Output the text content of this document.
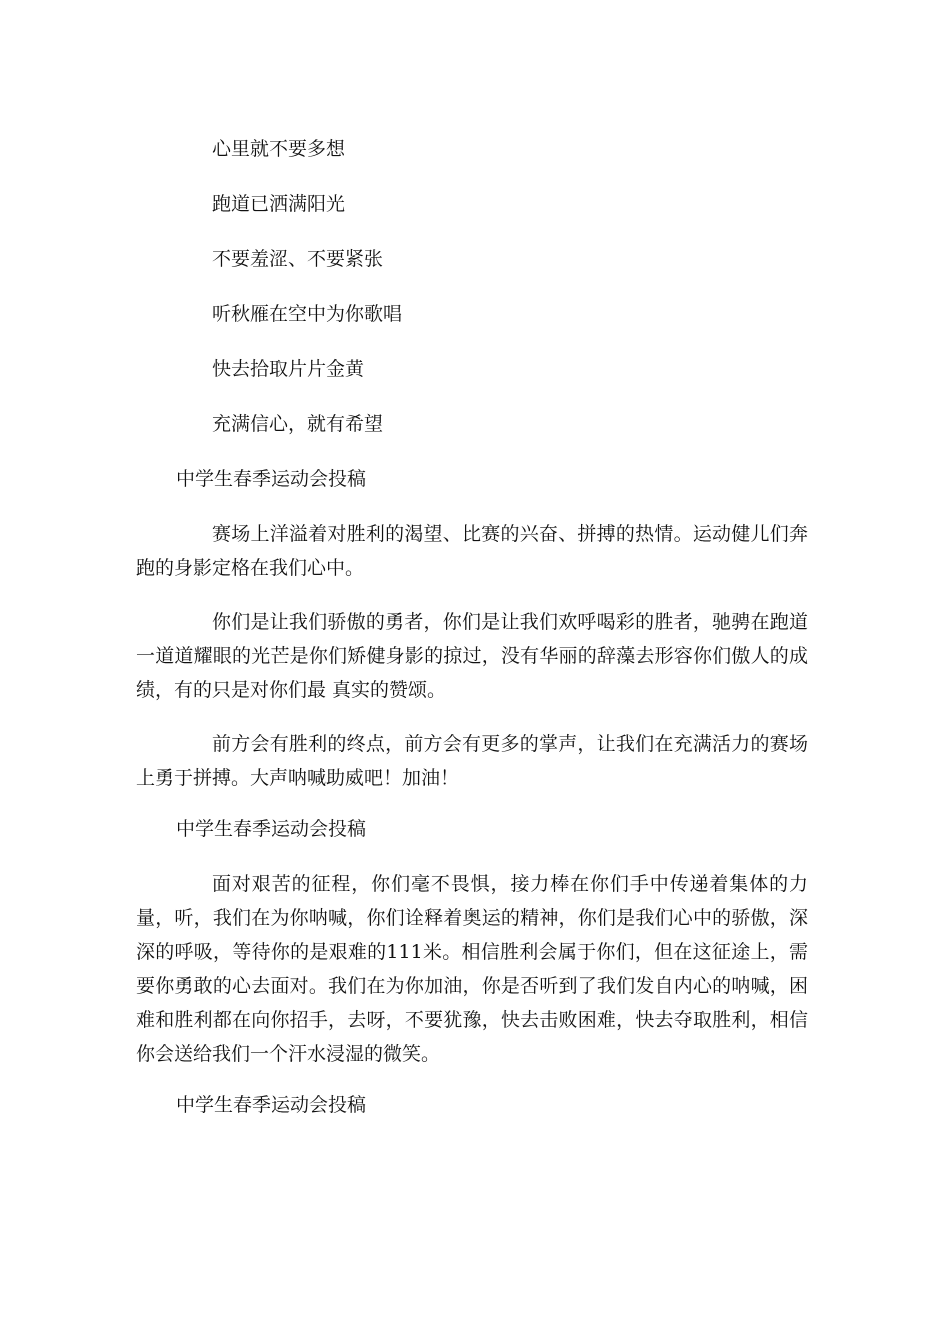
心里就不要多想

跑道已洒满阳光

不要羞涩、不要紧张

听秋雁在空中为你歌唱

快去拾取片片金黄

充满信心，就有希望

中学生春季运动会投稿

赛场上洋溢着对胜利的渴望、比赛的兴奋、拼搏的热情。运动健儿们奔跑的身影定格在我们心中。

你们是让我们骄傲的勇者，你们是让我们欢呼喝彩的胜者，驰骋在跑道一道道耀眼的光芒是你们矫健身影的掠过，没有华丽的辞藻去形容你们傲人的成绩，有的只是对你们最 真实的赞颂。

前方会有胜利的终点，前方会有更多的掌声，让我们在充满活力的赛场上勇于拼搏。大声呐喊助威吧！加油！

中学生春季运动会投稿

面对艰苦的征程，你们毫不畏惧，接力棒在你们手中传递着集体的力量，听，我们在为你呐喊，你们诠释着奥运的精神，你们是我们心中的骄傲，深深的呼吸，等待你的是艰难的111米。相信胜利会属于你们，但在这征途上，需要你勇敢的心去面对。我们在为你加油，你是否听到了我们发自内心的呐喊，困难和胜利都在向你招手，去呀，不要犹豫，快去击败困难，快去夺取胜利，相信你会送给我们一个汗水浸湿的微笑。

中学生春季运动会投稿
